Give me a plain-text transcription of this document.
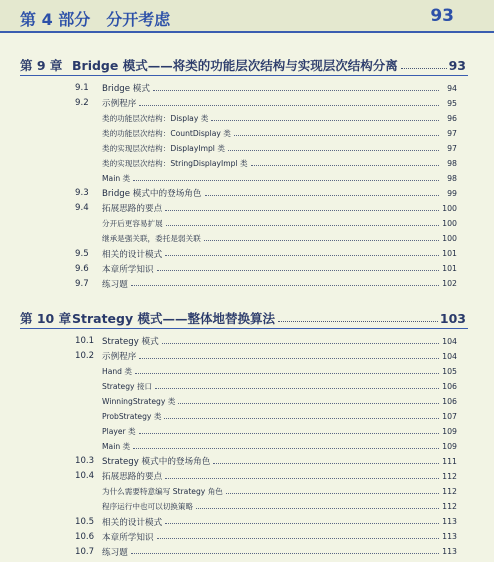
第 4 部分　分开考虑	93
第 9 章 Bridge 模式——将类的功能层次结构与实现层次结构分离	93
9.1	Bridge 模式	94
9.2	示例程序	95
类的功能层次结构：Display 类	96
类的功能层次结构：CountDisplay 类	97
类的实现层次结构：DisplayImpl 类	97
类的实现层次结构：StringDisplayImpl 类	98
Main 类	98
9.3	Bridge 模式中的登场角色	99
9.4	拓展思路的要点	100
分开后更容易扩展	100
继承是强关联，委托是弱关联	100
9.5	相关的设计模式	101
9.6	本章所学知识	101
9.7	练习题	102
第 10 章 Strategy 模式——整体地替换算法	103
10.1 Strategy 模式	104
10.2 示例程序	104
Hand 类	105
Strategy 接口	106
WinningStrategy 类	106
ProbStrategy 类	107
Player 类	109
Main 类	109
10.3 Strategy 模式中的登场角色	111
10.4 拓展思路的要点	112
为什么需要特意编写 Strategy 角色	112
程序运行中也可以切换策略	112
10.5 相关的设计模式	113
10.6 本章所学知识	113
10.7 练习题	113
